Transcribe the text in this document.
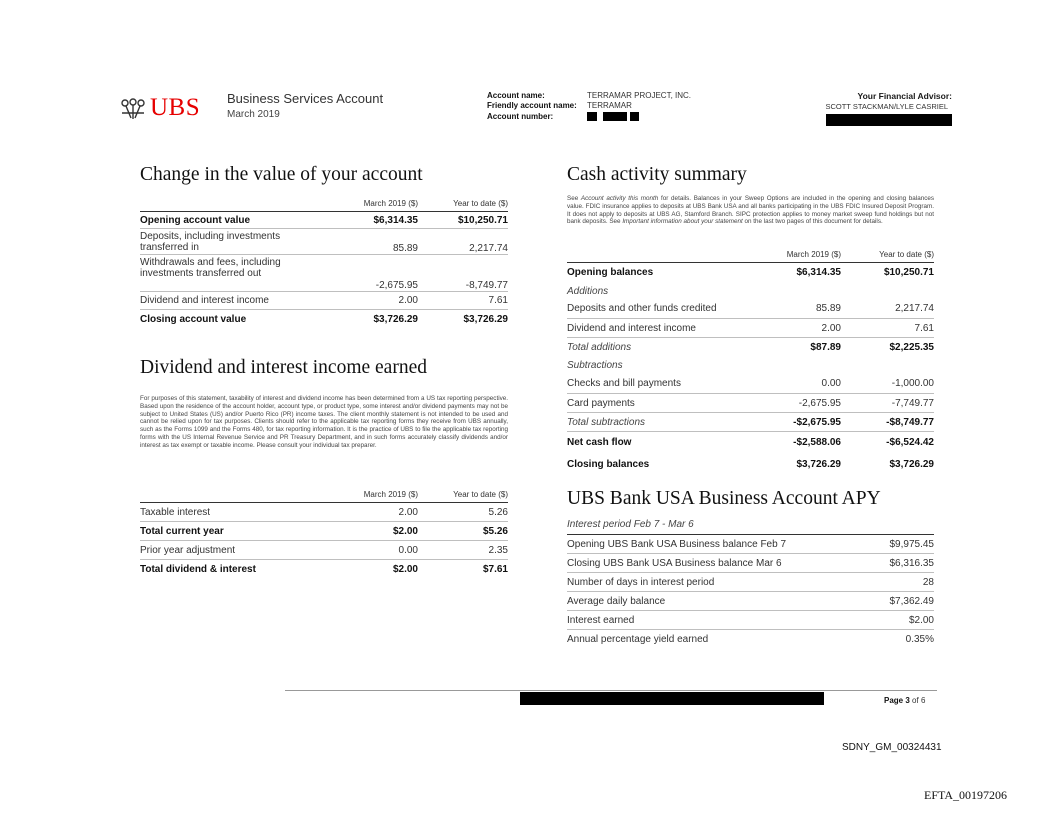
UBS Business Services Account
March 2019
Account name:	TERRAMAR PROJECT, INC.
Friendly account name: TERRAMAR
Account number:
Your Financial Advisor:
SCOTT STACKMAN/LYLE CASRIEL
Change in the value of your account
	March 2019 ($)	Year to date ($)
Opening account value	$6,314.35	$10,250.71
Deposits, including investments transferred in	85.89	2,217.74
Withdrawals and fees, including investments transferred out	-2,675.95	-8,749.77
Dividend and interest income	2.00	7.61
Closing account value	$3,726.29	$3,726.29
Dividend and interest income earned
For purposes of this statement, taxability of interest and dividend income has been determined from a US tax reporting perspective. Based upon the residence of the account holder, account type, or product type, some interest and/or dividend payments may not be subject to United States (US) and/or Puerto Rico (PR) income taxes. The client monthly statement is not intended to be used and cannot be relied upon for tax purposes. Clients should refer to the applicable tax reporting forms they receive from UBS annually, such as the Forms 1099 and the Forms 480, for tax reporting information. It is the practice of UBS to file the applicable tax reporting forms with the US Internal Revenue Service and PR Treasury Department, and in such forms accurately classify dividends and/or interest as tax exempt or taxable income. Please consult your individual tax preparer.
	March 2019 ($)	Year to date ($)
Taxable interest	2.00	5.26
Total current year	$2.00	$5.26
Prior year adjustment	0.00	2.35
Total dividend & interest	$2.00	$7.61
Cash activity summary
See Account activity this month for details. Balances in your Sweep Options are included in the opening and closing balances value. FDIC insurance applies to deposits at UBS Bank USA and all banks participating in the UBS FDIC Insured Deposit Program. It does not apply to deposits at UBS AG, Stamford Branch. SIPC protection applies to money market sweep fund holdings but not bank deposits. See Important information about your statement on the last two pages of this document for details.
	March 2019 ($)	Year to date ($)
Opening balances	$6,314.35	$10,250.71
Additions		
Deposits and other funds credited	85.89	2,217.74
Dividend and interest income	2.00	7.61
Total additions	$87.89	$2,225.35
Subtractions		
Checks and bill payments	0.00	-1,000.00
Card payments	-2,675.95	-7,749.77
Total subtractions	-$2,675.95	-$8,749.77
Net cash flow	-$2,588.06	-$6,524.42
Closing balances	$3,726.29	$3,726.29
UBS Bank USA Business Account APY
Interest period Feb 7 - Mar 6
Opening UBS Bank USA Business balance Feb 7	$9,975.45
Closing UBS Bank USA Business balance Mar 6	$6,316.35
Number of days in interest period	28
Average daily balance	$7,362.49
Interest earned	$2.00
Annual percentage yield earned	0.35%
Page 3 of 6
SDNY_GM_00324431
EFTA_00197206
